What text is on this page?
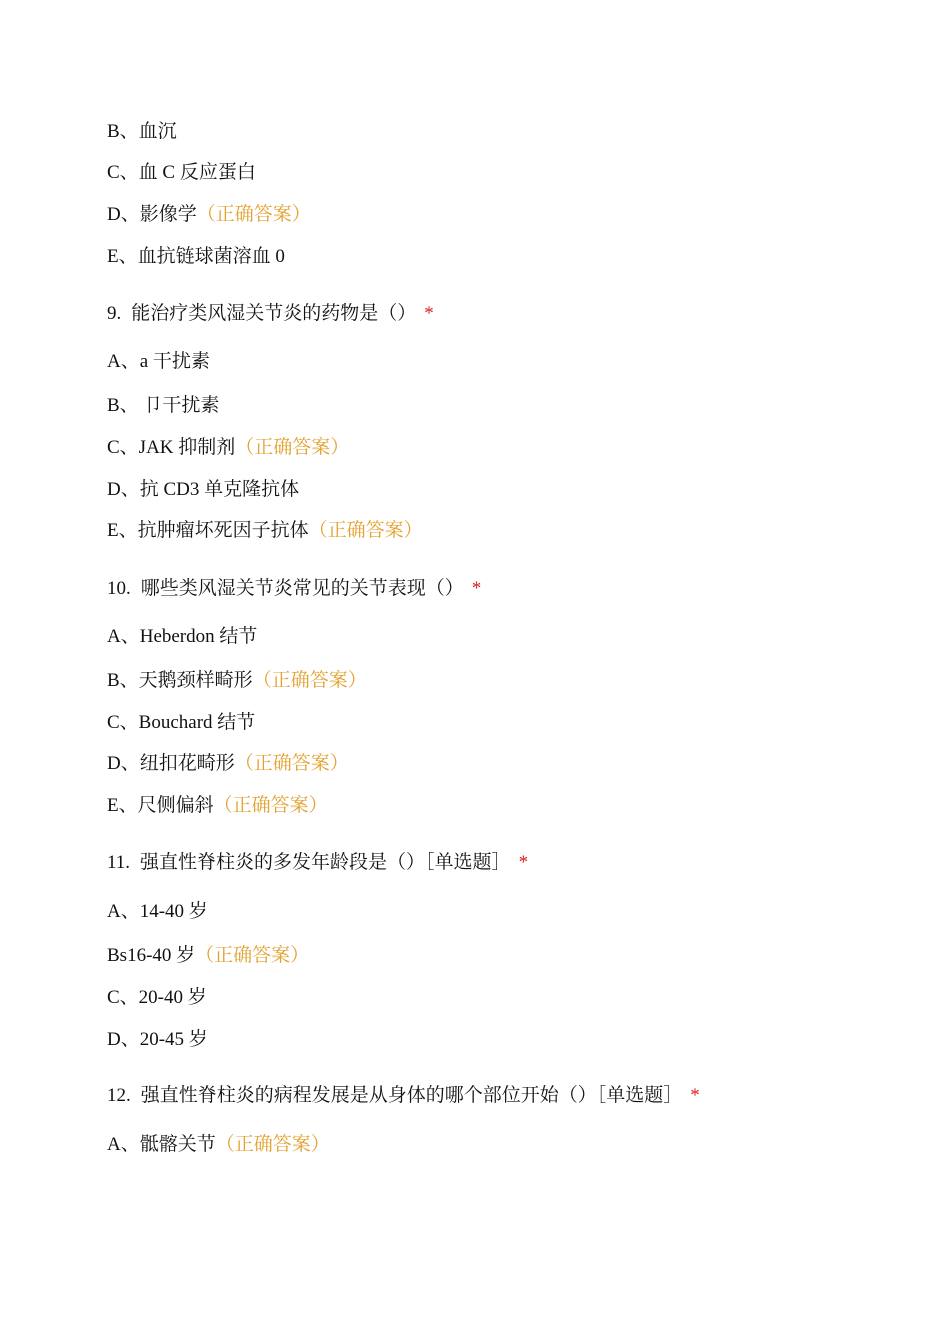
B、血沉
C、血 C 反应蛋白
D、影像学（正确答案）
E、血抗链球菌溶血 0
9. 能治疗类风湿关节炎的药物是（） *
A、a 干扰素
B、 卩干扰素
C、JAK 抑制剂（正确答案）
D、抗 CD3 单克隆抗体
E、抗肿瘤坏死因子抗体（正确答案）
10. 哪些类风湿关节炎常见的关节表现（） *
A、Heberdon 结节
B、天鹅颈样畸形（正确答案）
C、Bouchard 结节
D、纽扣花畸形（正确答案）
E、尺侧偏斜（正确答案）
11. 强直性脊柱炎的多发年龄段是（）［单选题］ *
A、14-40 岁
Bs16-40 岁（正确答案）
C、20-40 岁
D、20-45 岁
12. 强直性脊柱炎的病程发展是从身体的哪个部位开始（）［单选题］ *
A、骶髂关节（正确答案）
